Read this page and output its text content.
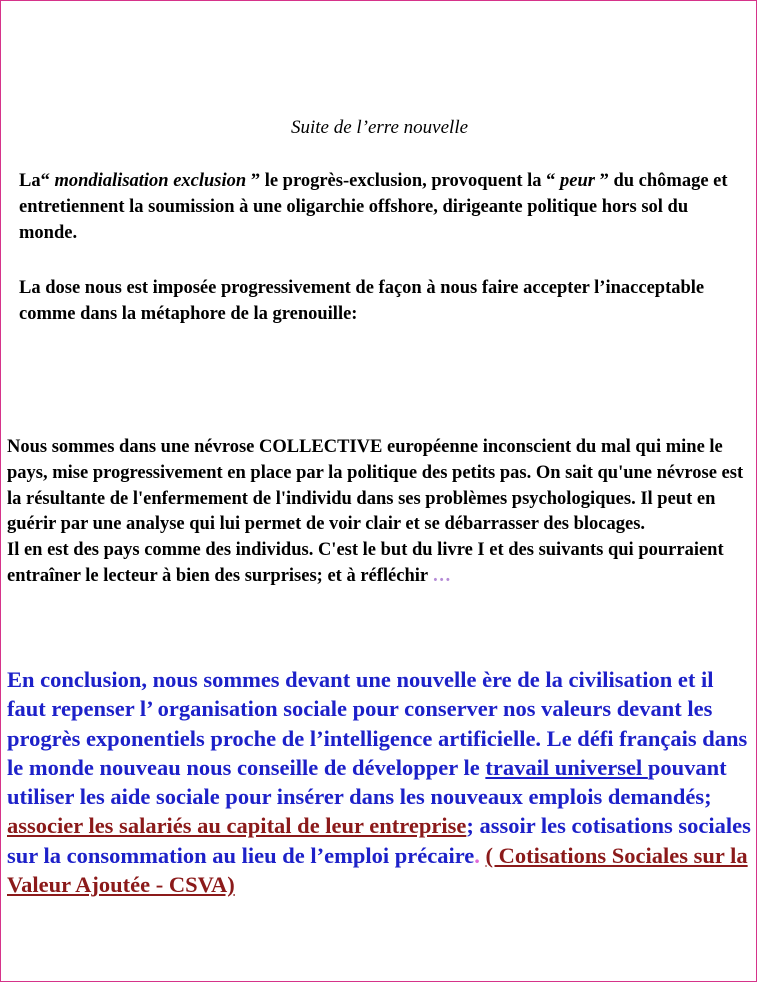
Suite de l’erre nouvelle
La“ mondialisation exclusion ” le progrès-exclusion, provoquent la “ peur ” du chômage et entretiennent la soumission à une oligarchie offshore, dirigeante politique hors sol du monde.
La dose nous est imposée progressivement de façon à nous faire accepter l’inacceptable comme dans la métaphore de la grenouille:
Nous sommes dans une névrose COLLECTIVE européenne inconscient du mal qui mine le pays, mise progressivement en place par la politique des petits pas. On sait qu'une névrose est la résultante de l'enfermement de l'individu dans ses problèmes psychologiques. Il peut en guérir par une analyse qui lui permet de voir clair et se débarrasser des blocages.
Il en est des pays comme des individus. C'est le but du livre I et des suivants qui pourraient entraîner le lecteur à bien des surprises; et à réfléchir …
En conclusion, nous sommes devant une nouvelle ère de la civilisation et il faut repenser l’ organisation sociale pour conserver nos valeurs devant les progrès exponentiels proche de l’intelligence artificielle. Le défi français dans le monde nouveau nous conseille de développer le travail universel pouvant utiliser les aide sociale pour insérer dans les nouveaux emplois demandés; associer les salariés au capital de leur entreprise; assoir les cotisations sociales sur la consommation au lieu de l’emploi précaire. ( Cotisations Sociales sur la Valeur Ajoutée - CSVA)
